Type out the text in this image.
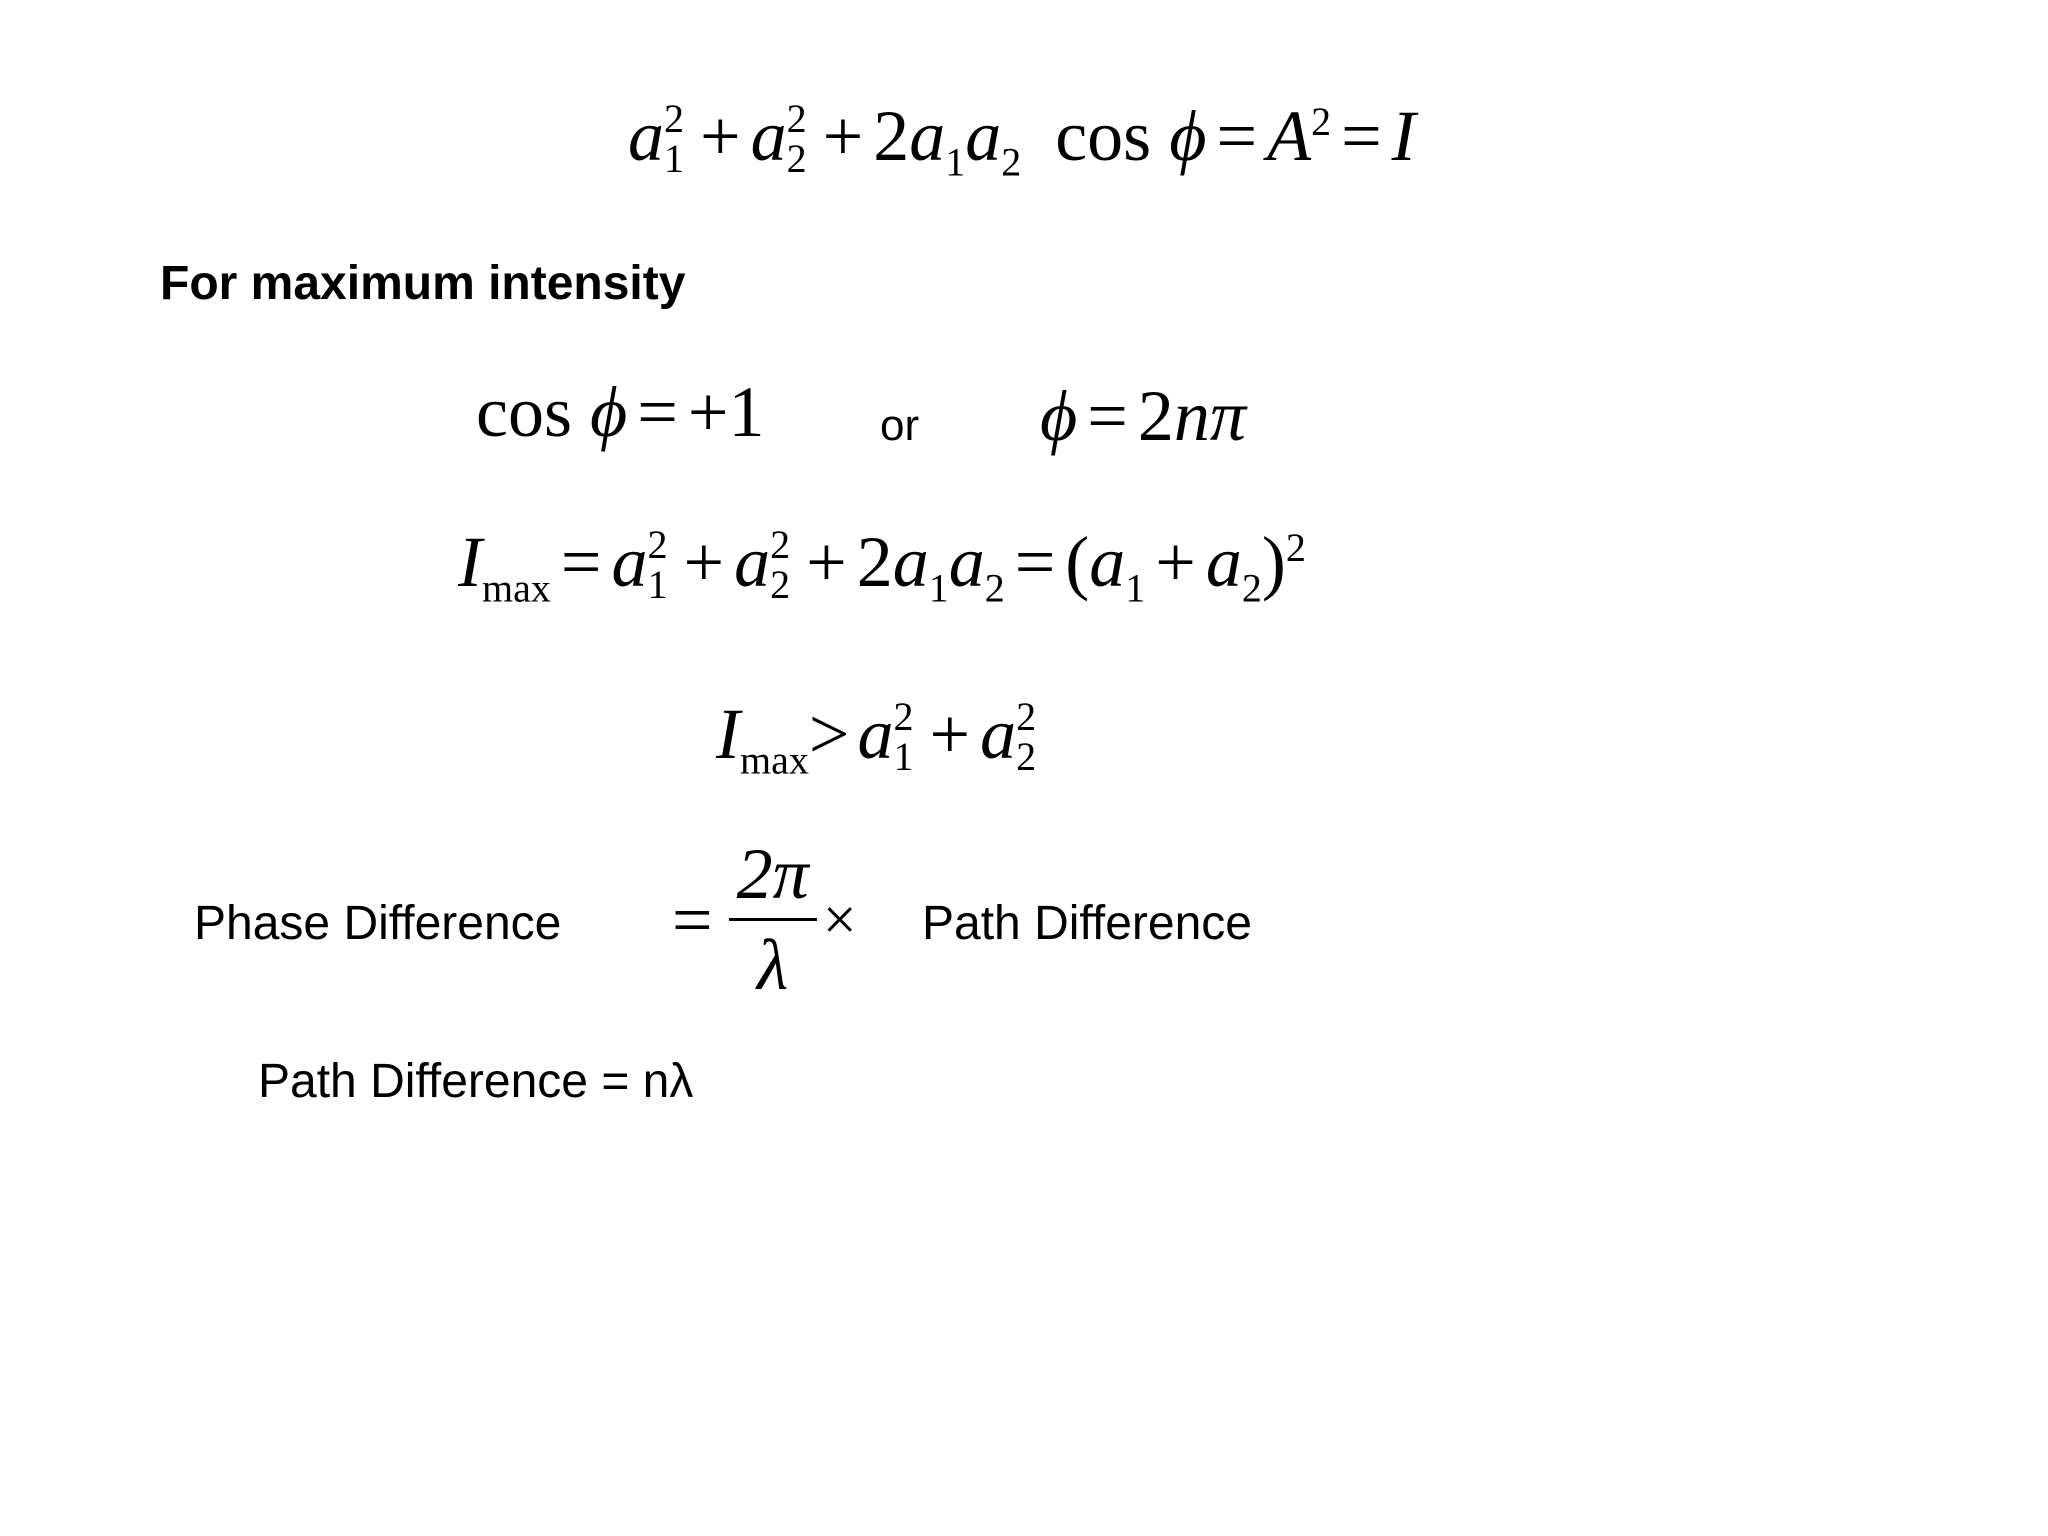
a 2
1 + a 2
$2 + 2a_1a_2$ $\cos \phi = A^2 = I$
For maximum intensity
cos ϕ = +1	or ϕ = 2nπ
$I_{max} = a$ 2
1 + a 2
$2 + 2a_1a_2 = (a_1 + a_2)^2$
$I_{max}> a$ 2
1 + a 2
2
Phase Difference = $\frac{2\pi}{\lambda}$ × Path Difference
Path Difference = nλ
